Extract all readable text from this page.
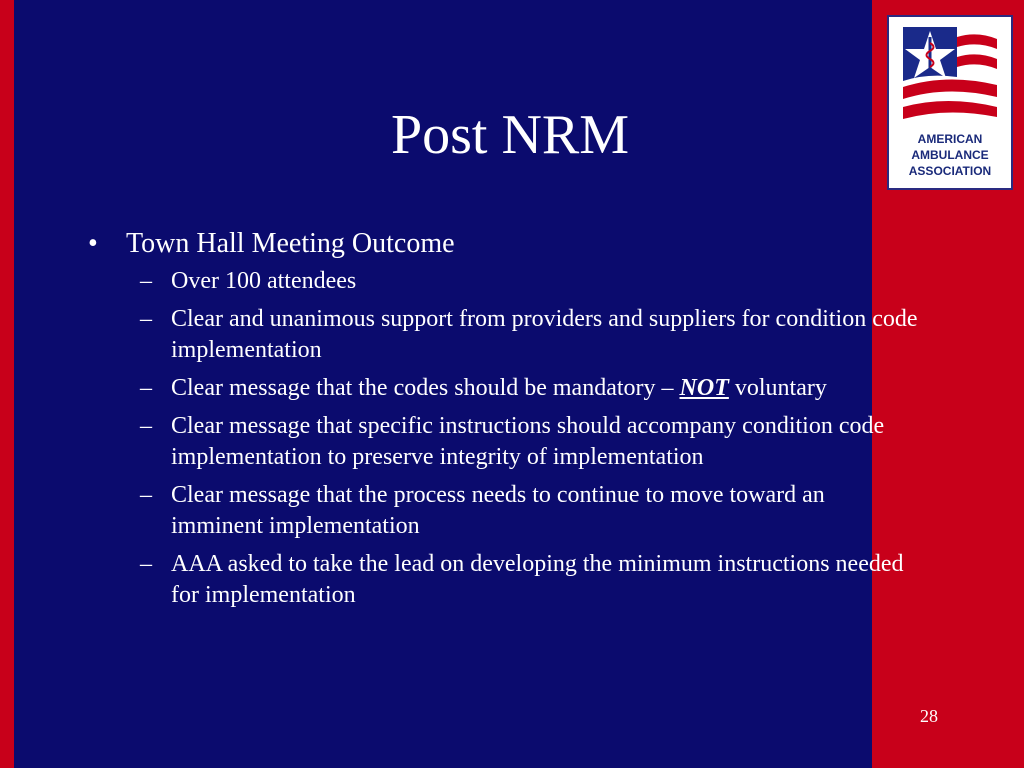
AMERICAN
AMBULANCE
ASSOCIATION
Post NRM
• Town Hall Meeting Outcome
– Over 100 attendees
– Clear and unanimous support from providers and suppliers for condition code implementation
– Clear message that the codes should be mandatory – NOT voluntary
– Clear message that specific instructions should accompany condition code implementation to preserve integrity of implementation
– Clear message that the process needs to continue to move toward an imminent implementation
– AAA asked to take the lead on developing the minimum instructions needed for implementation
28
